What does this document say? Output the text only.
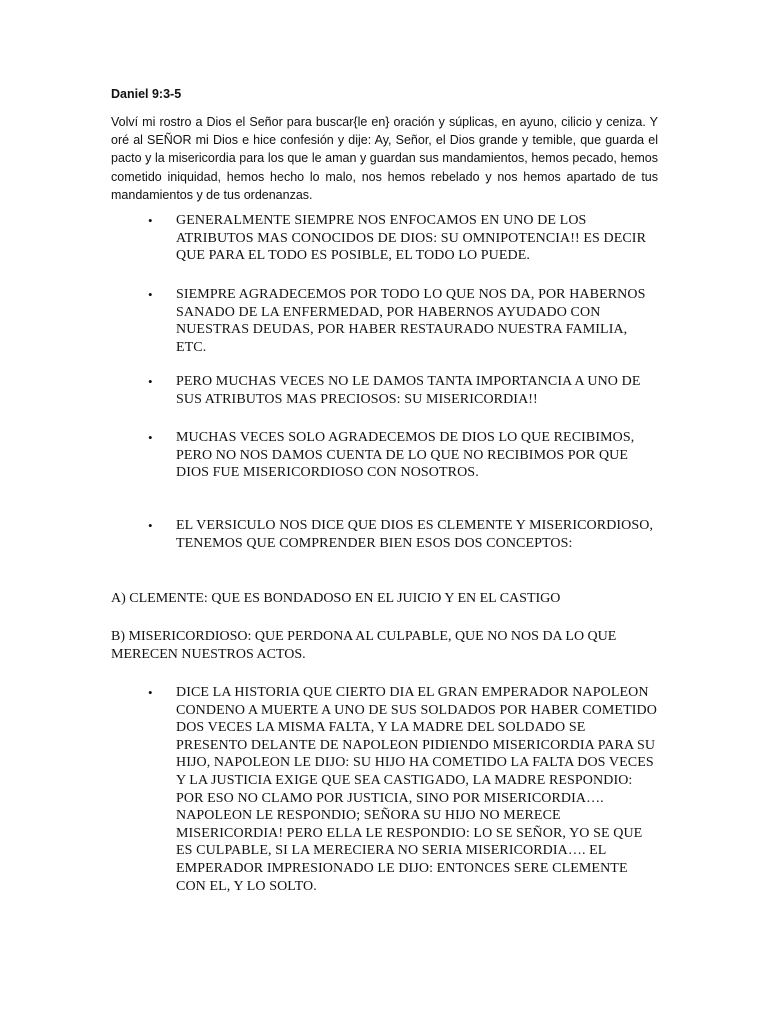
Daniel 9:3-5

Volví mi rostro a Dios el Señor para buscar{le en} oración y súplicas, en ayuno, cilicio y ceniza. Y oré al SEÑOR mi Dios e hice confesión y dije: Ay, Señor, el Dios grande y temible, que guarda el pacto y la misericordia para los que le aman y guardan sus mandamientos, hemos pecado, hemos cometido iniquidad, hemos hecho lo malo, nos hemos rebelado y nos hemos apartado de tus mandamientos y de tus ordenanzas.

•	GENERALMENTE SIEMPRE NOS ENFOCAMOS EN UNO DE LOS ATRIBUTOS MAS CONOCIDOS DE DIOS: SU OMNIPOTENCIA!! ES DECIR QUE PARA EL TODO ES POSIBLE, EL TODO LO PUEDE.
•	SIEMPRE AGRADECEMOS POR TODO LO QUE NOS DA, POR HABERNOS SANADO DE LA ENFERMEDAD, POR HABERNOS AYUDADO CON NUESTRAS DEUDAS, POR HABER RESTAURADO NUESTRA FAMILIA, ETC.
•	PERO MUCHAS VECES NO LE DAMOS TANTA IMPORTANCIA A UNO DE SUS ATRIBUTOS MAS PRECIOSOS: SU MISERICORDIA!!
•	MUCHAS VECES SOLO AGRADECEMOS DE DIOS LO QUE RECIBIMOS, PERO NO NOS DAMOS CUENTA DE LO QUE NO RECIBIMOS POR QUE DIOS FUE MISERICORDIOSO CON NOSOTROS.
•	EL VERSICULO NOS DICE QUE DIOS ES CLEMENTE Y MISERICORDIOSO, TENEMOS QUE COMPRENDER BIEN ESOS DOS CONCEPTOS:

A) CLEMENTE: QUE ES BONDADOSO EN EL JUICIO Y EN EL CASTIGO

B) MISERICORDIOSO: QUE PERDONA AL CULPABLE, QUE NO NOS DA LO QUE MERECEN NUESTROS ACTOS.

•	DICE LA HISTORIA QUE CIERTO DIA EL GRAN EMPERADOR NAPOLEON CONDENO A MUERTE A UNO DE SUS SOLDADOS POR HABER COMETIDO DOS VECES LA MISMA FALTA, Y LA MADRE DEL SOLDADO SE PRESENTO DELANTE DE NAPOLEON PIDIENDO MISERICORDIA PARA SU HIJO, NAPOLEON LE DIJO: SU HIJO HA COMETIDO LA FALTA DOS VECES Y LA JUSTICIA EXIGE QUE SEA CASTIGADO, LA MADRE RESPONDIO: POR ESO NO CLAMO POR JUSTICIA, SINO POR MISERICORDIA…. NAPOLEON LE RESPONDIO; SEÑORA SU HIJO NO MERECE MISERICORDIA! PERO ELLA LE RESPONDIO: LO SE SEÑOR, YO SE QUE ES CULPABLE, SI LA MERECIERA NO SERIA MISERICORDIA…. EL EMPERADOR IMPRESIONADO LE DIJO: ENTONCES SERE CLEMENTE CON EL, Y LO SOLTO.
